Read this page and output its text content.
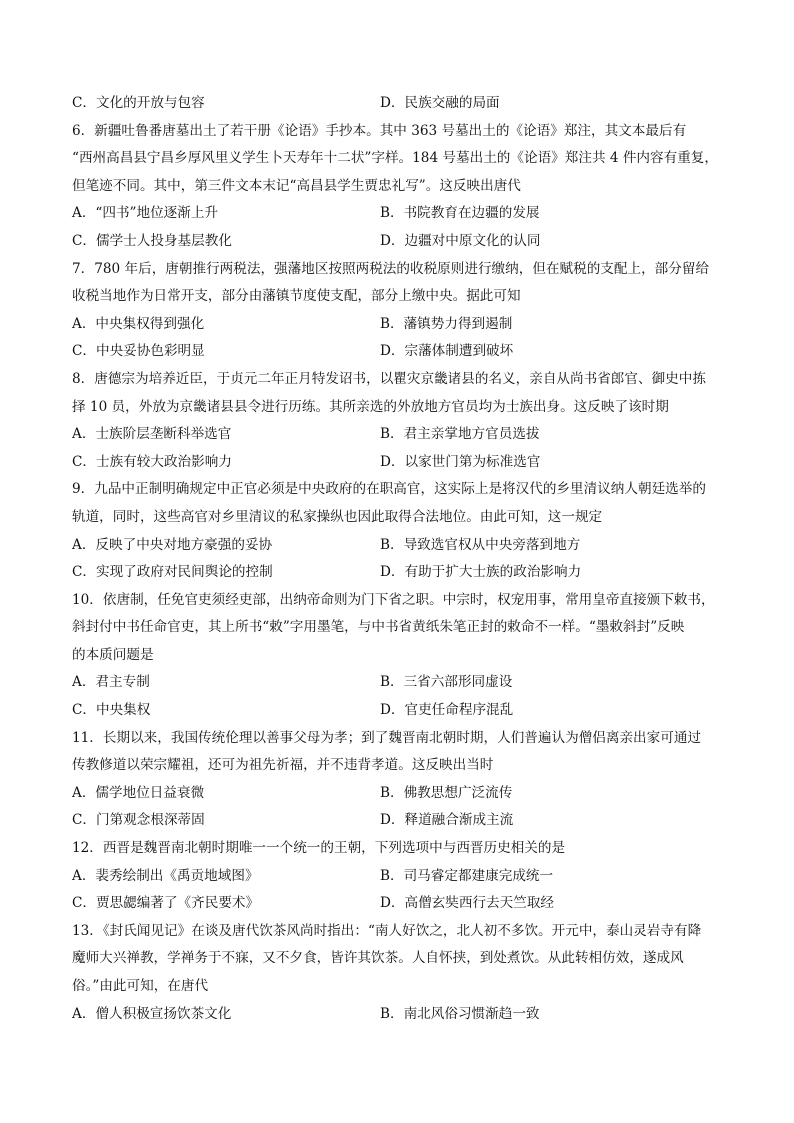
C．文化的开放与包容	D．民族交融的局面
6．新疆吐鲁番唐墓出土了若干册《论语》手抄本。其中 363 号墓出土的《论语》郑注，其文本最后有
“西州高昌县宁昌乡厚风里义学生卜天寿年十二状”字样。184 号墓出土的《论语》郑注共 4 件内容有重复，
但笔迹不同。其中，第三件文本末记“高昌县学生贾忠礼写”。这反映出唐代
A．“四书”地位逐渐上升	B．书院教育在边疆的发展
C．儒学士人投身基层教化	D．边疆对中原文化的认同
7．780 年后，唐朝推行两税法，强藩地区按照两税法的收税原则进行缴纳，但在赋税的支配上，部分留给
收税当地作为日常开支，部分由藩镇节度使支配，部分上缴中央。据此可知
A．中央集权得到强化	B．藩镇势力得到遏制
C．中央妥协色彩明显	D．宗藩体制遭到破坏
8．唐德宗为培养近臣，于贞元二年正月特发诏书，以瞿灾京畿诸县的名义，亲自从尚书省郎官、御史中拣
择 10 员，外放为京畿诸县县令进行历练。其所亲选的外放地方官员均为士族出身。这反映了该时期
A．士族阶层垄断科举选官	B．君主亲掌地方官员选拔
C．士族有较大政治影响力	D．以家世门第为标准选官
9．九品中正制明确规定中正官必须是中央政府的在职高官，这实际上是将汉代的乡里清议纳人朝廷选举的
轨道，同时，这些高官对乡里清议的私家操纵也因此取得合法地位。由此可知，这一规定
A．反映了中央对地方豪强的妥协	B．导致选官权从中央旁落到地方
C．实现了政府对民间舆论的控制	D．有助于扩大士族的政治影响力
10．依唐制，任免官吏须经吏部，出纳帝命则为门下省之职。中宗时，权宠用事，常用皇帝直接颁下敕书，
斜封付中书任命官吏，其上所书“敕”字用墨笔，与中书省黄纸朱笔正封的敕命不一样。“墨敕斜封”反映
的本质问题是
A．君主专制	B．三省六部形同虚设
C．中央集权	D．官吏任命程序混乱
11．长期以来，我国传统伦理以善事父母为孝；到了魏晋南北朝时期，人们普遍认为僧侣离亲出家可通过
传教修道以荣宗耀祖，还可为祖先祈福，并不违背孝道。这反映出当时
A．儒学地位日益衰微	B．佛教思想广泛流传
C．门第观念根深蒂固	D．释道融合渐成主流
12．西晋是魏晋南北朝时期唯一一个统一的王朝，下列选项中与西晋历史相关的是
A．裴秀绘制出《禹贡地域图》	B．司马睿定都建康完成统一
C．贾思勰编著了《齐民要术》	D．高僧玄奘西行去天竺取经
13．《封氏闻见记》在谈及唐代饮茶风尚时指出：“南人好饮之，北人初不多饮。开元中，泰山灵岩寺有降
魔师大兴禅教，学禅务于不寐，又不夕食，皆许其饮茶。人自怀挟，到处煮饮。从此转相仿效，遂成风
俗。”由此可知，在唐代
A．僧人积极宣扬饮茶文化	B．南北风俗习惯渐趋一致
